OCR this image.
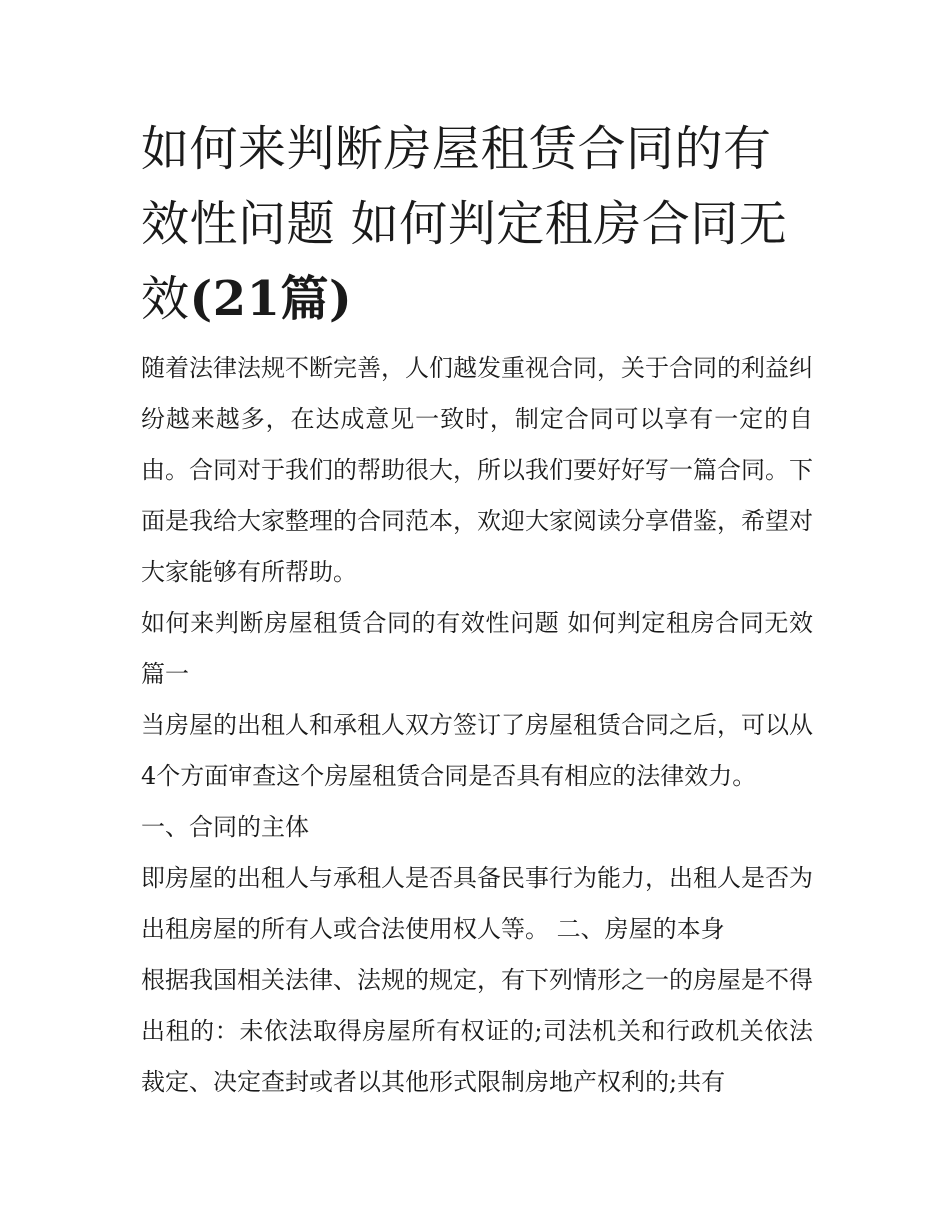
如何来判断房屋租赁合同的有效性问题 如何判定租房合同无效(21篇)

随着法律法规不断完善，人们越发重视合同，关于合同的利益纠纷越来越多，在达成意见一致时，制定合同可以享有一定的自由。合同对于我们的帮助很大，所以我们要好好写一篇合同。下面是我给大家整理的合同范本，欢迎大家阅读分享借鉴，希望对大家能够有所帮助。

如何来判断房屋租赁合同的有效性问题 如何判定租房合同无效篇一

当房屋的出租人和承租人双方签订了房屋租赁合同之后，可以从4个方面审查这个房屋租赁合同是否具有相应的法律效力。

一、合同的主体

即房屋的出租人与承租人是否具备民事行为能力，出租人是否为出租房屋的所有人或合法使用权人等。 二、房屋的本身

根据我国相关法律、法规的规定，有下列情形之一的房屋是不得出租的：未依法取得房屋所有权证的;司法机关和行政机关依法裁定、决定查封或者以其他形式限制房地产权利的;共有
